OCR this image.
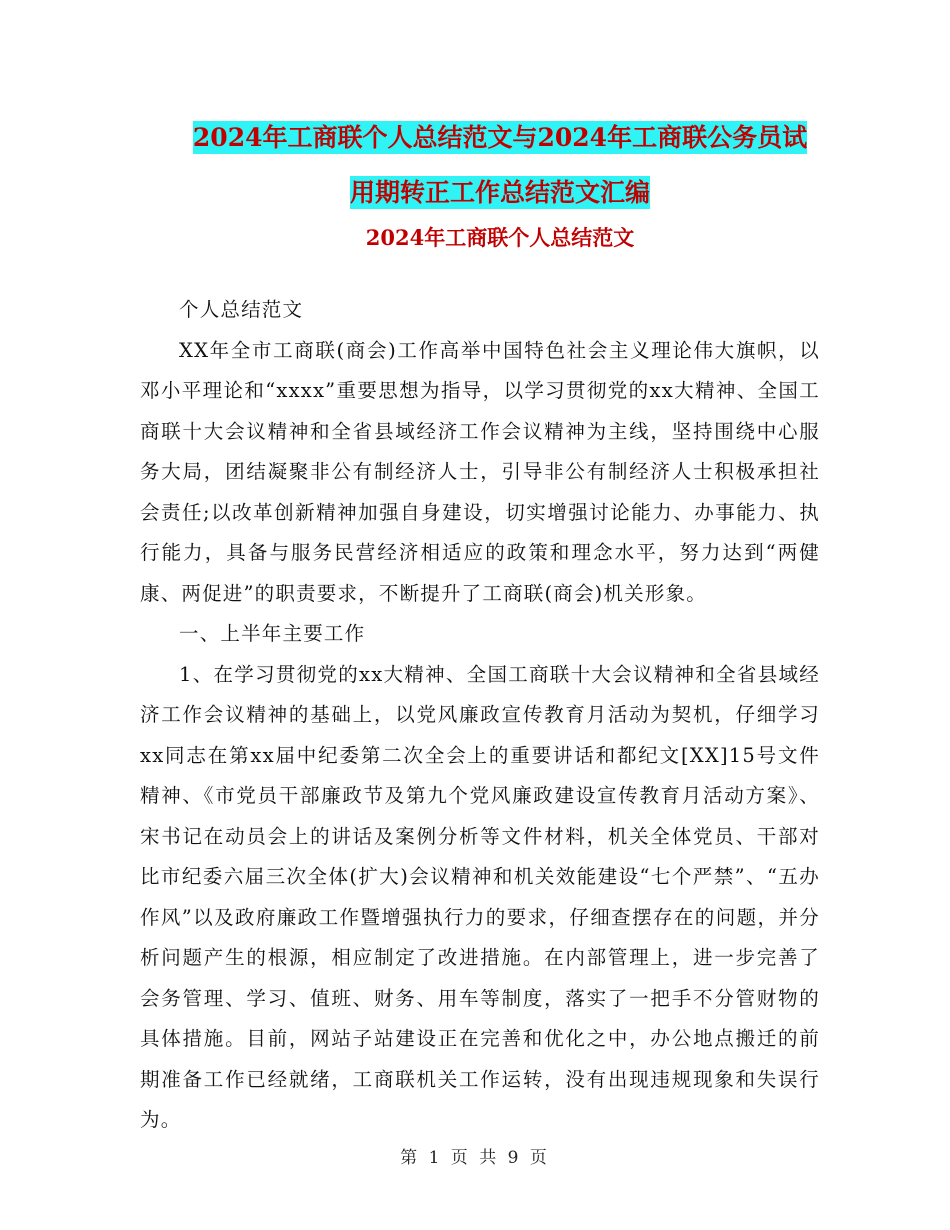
2024年工商联个人总结范文与2024年工商联公务员试
用期转正工作总结范文汇编
2024年工商联个人总结范文

个人总结范文

XX年全市工商联(商会)工作高举中国特色社会主义理论伟大旗帜，以邓小平理论和“xxxx”重要思想为指导，以学习贯彻党的xx大精神、全国工商联十大会议精神和全省县域经济工作会议精神为主线，坚持围绕中心服务大局，团结凝聚非公有制经济人士，引导非公有制经济人士积极承担社会责任;以改革创新精神加强自身建设，切实增强讨论能力、办事能力、执行能力，具备与服务民营经济相适应的政策和理念水平，努力达到“两健康、两促进”的职责要求，不断提升了工商联(商会)机关形象。

一、上半年主要工作

1、在学习贯彻党的xx大精神、全国工商联十大会议精神和全省县域经济工作会议精神的基础上，以党风廉政宣传教育月活动为契机，仔细学习xx同志在第xx届中纪委第二次全会上的重要讲话和都纪文[XX]15号文件精神、《市党员干部廉政节及第九个党风廉政建设宣传教育月活动方案》、宋书记在动员会上的讲话及案例分析等文件材料，机关全体党员、干部对比市纪委六届三次全体(扩大)会议精神和机关效能建设“七个严禁”、“五办作风”以及政府廉政工作暨增强执行力的要求，仔细查摆存在的问题，并分析问题产生的根源，相应制定了改进措施。在内部管理上，进一步完善了会务管理、学习、值班、财务、用车等制度，落实了一把手不分管财物的具体措施。目前，网站子站建设正在完善和优化之中，办公地点搬迁的前期准备工作已经就绪，工商联机关工作运转，没有出现违规现象和失误行为。

第 1 页 共 9 页
